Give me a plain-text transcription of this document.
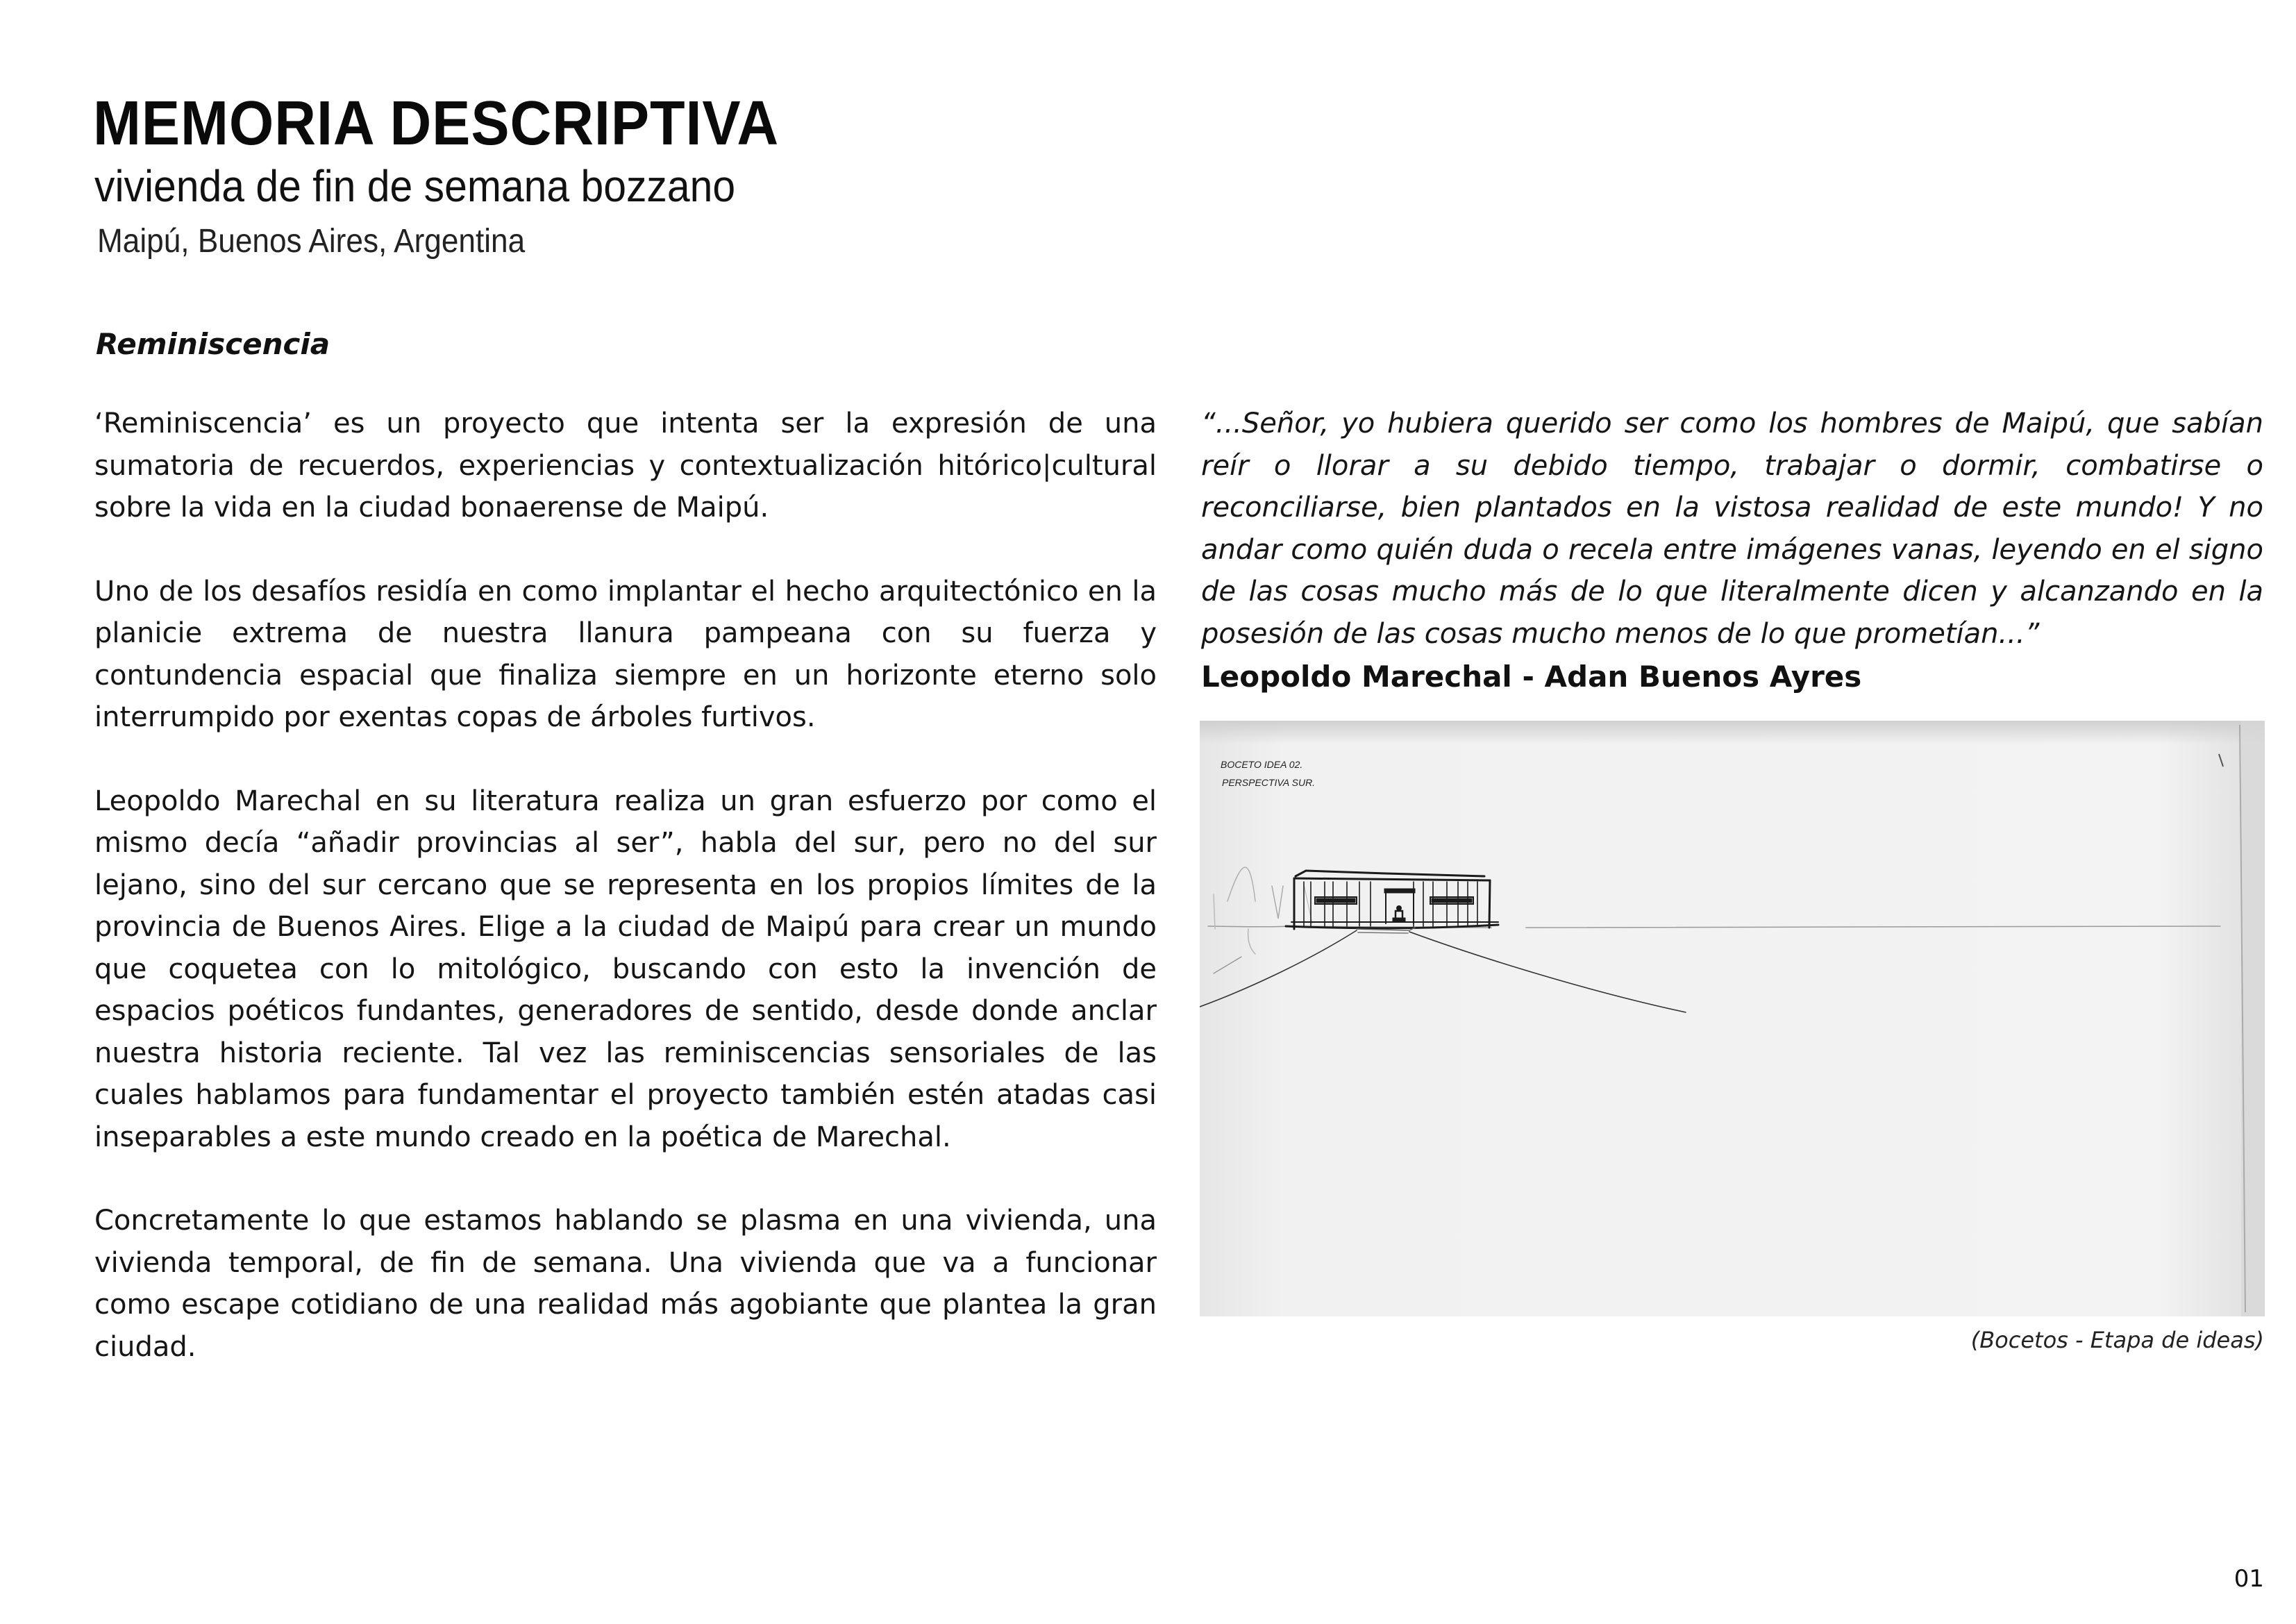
MEMORIA DESCRIPTIVA
vivienda de fin de semana bozzano
Maipú, Buenos Aires, Argentina
Reminiscencia

‘Reminiscencia’ es un proyecto que intenta ser la expresión de una sumatoria de recuerdos, experiencias y contextualización hitórico|cultural sobre la vida en la ciudad bonaerense de Maipú.

Uno de los desafíos residía en como implantar el hecho arquitectónico en la planicie extrema de nuestra llanura pampeana con su fuerza y contundencia espacial que finaliza siempre en un horizonte eterno solo interrumpido por exentas copas de árboles furtivos.

Leopoldo Marechal en su literatura realiza un gran esfuerzo por como el mismo decía “añadir provincias al ser”, habla del sur, pero no del sur lejano, sino del sur cercano que se representa en los propios límites de la provincia de Buenos Aires. Elige a la ciudad de Maipú para crear un mundo que coquetea con lo mitológico, buscando con esto la invención de espacios poéticos fundantes, generadores de sentido, desde donde anclar nuestra historia reciente. Tal vez las reminiscencias sensoriales de las cuales hablamos para fundamentar el proyecto también estén atadas casi inseparables a este mundo creado en la poética de Marechal.

Concretamente lo que estamos hablando se plasma en una vivienda, una vivienda temporal, de fin de semana. Una vivienda que va a funcionar como escape cotidiano de una realidad más agobiante que plantea la gran ciudad.

“...Señor, yo hubiera querido ser como los hombres de Maipú, que sabían reír o llorar a su debido tiempo, trabajar o dormir, combatirse o reconciliarse, bien plantados en la vistosa realidad de este mundo! Y no andar como quién duda o recela entre imágenes vanas, leyendo en el signo de las cosas mucho más de lo que literalmente dicen y alcanzando en la posesión de las cosas mucho menos de lo que prometían...”

Leopoldo Marechal - Adan Buenos Ayres

BOCETO IDEA 02.
PERSPECTIVA SUR.
(Bocetos - Etapa de ideas)
01
